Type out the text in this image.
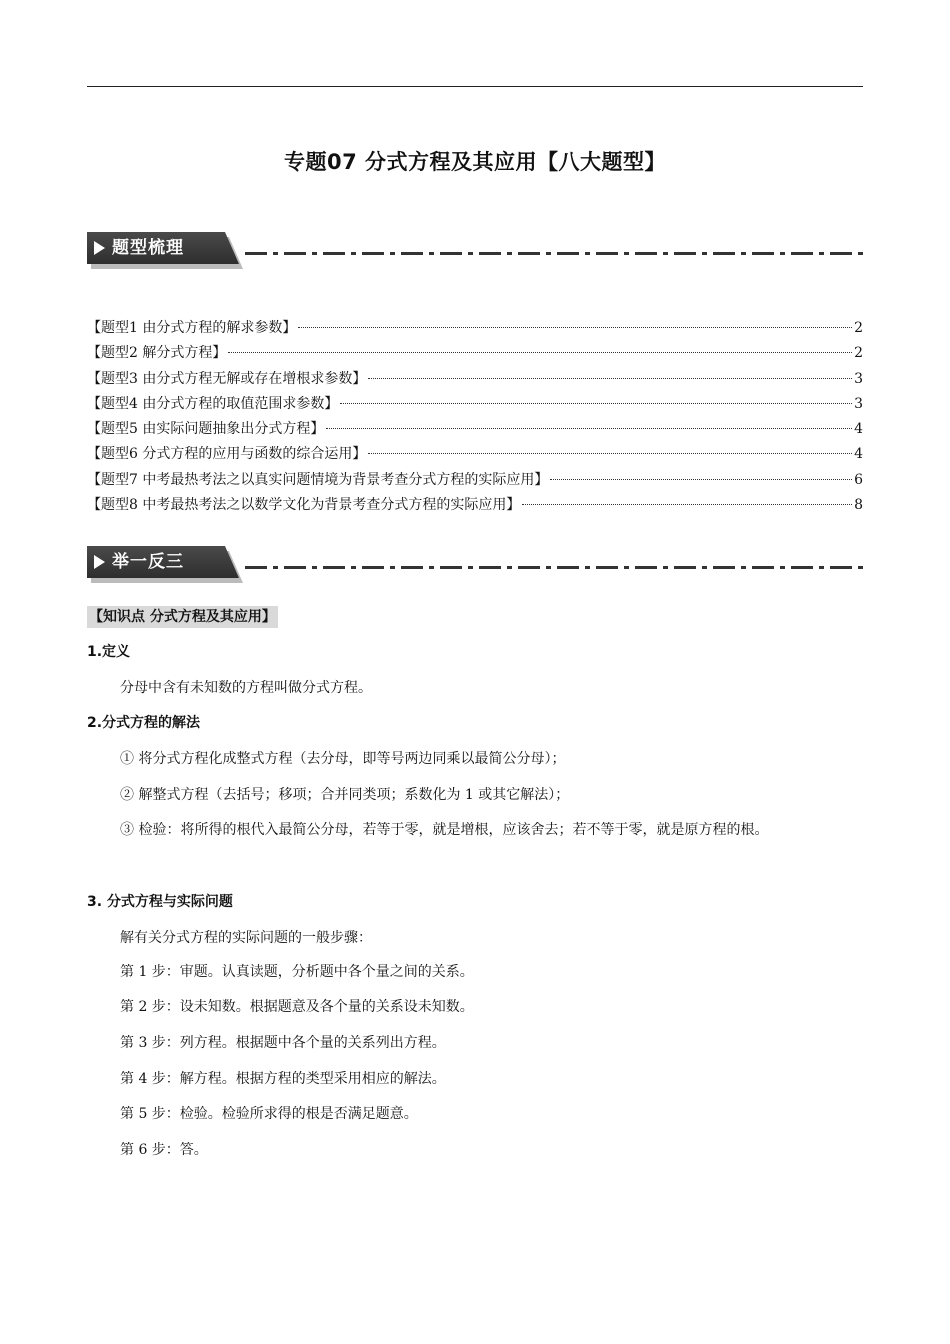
专题07 分式方程及其应用【八大题型】
题型梳理
【题型1 由分式方程的解求参数】	2
【题型2 解分式方程】	2
【题型3 由分式方程无解或存在增根求参数】	3
【题型4 由分式方程的取值范围求参数】	3
【题型5 由实际问题抽象出分式方程】	4
【题型6 分式方程的应用与函数的综合运用】	4
【题型7 中考最热考法之以真实问题情境为背景考查分式方程的实际应用】	6
【题型8 中考最热考法之以数学文化为背景考查分式方程的实际应用】	8
举一反三
【知识点 分式方程及其应用】
1.定义
分母中含有未知数的方程叫做分式方程。
2.分式方程的解法
① 将分式方程化成整式方程（去分母，即等号两边同乘以最简公分母）；
② 解整式方程（去括号；移项；合并同类项；系数化为 1 或其它解法）；
③ 检验：将所得的根代入最简公分母，若等于零，就是增根，应该舍去；若不等于零，就是原方程的根。
3. 分式方程与实际问题
解有关分式方程的实际问题的一般步骤：
第 1 步：审题。认真读题，分析题中各个量之间的关系。
第 2 步：设未知数。根据题意及各个量的关系设未知数。
第 3 步：列方程。根据题中各个量的关系列出方程。
第 4 步：解方程。根据方程的类型采用相应的解法。
第 5 步：检验。检验所求得的根是否满足题意。
第 6 步：答。
